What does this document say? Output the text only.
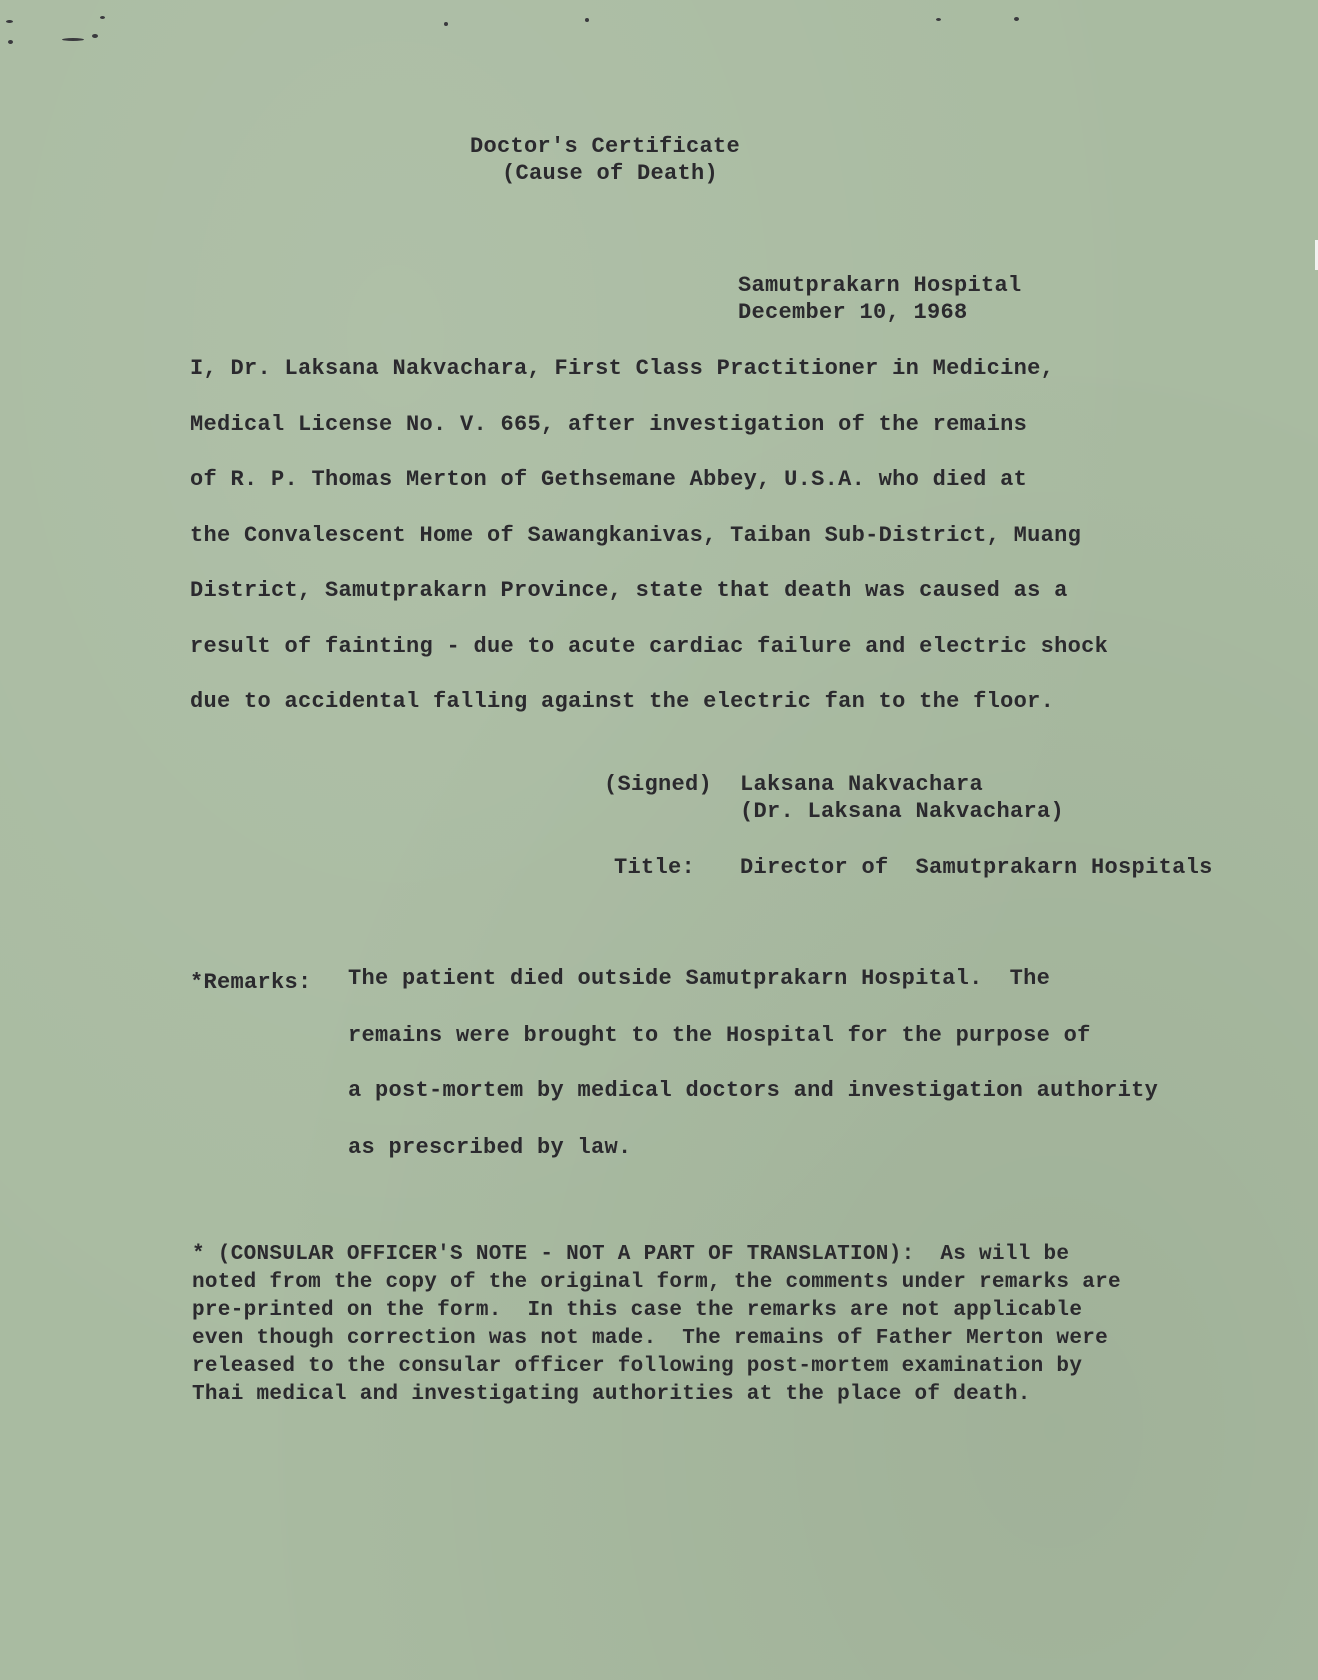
Doctor's Certificate
(Cause of Death)
Samutprakarn Hospital
December 10, 1968
I, Dr. Laksana Nakvachara, First Class Practitioner in Medicine,
Medical License No. V. 665, after investigation of the remains
of R. P. Thomas Merton of Gethsemane Abbey, U.S.A. who died at
the Convalescent Home of Sawangkanivas, Taiban Sub-District, Muang
District, Samutprakarn Province, state that death was caused as a
result of fainting - due to acute cardiac failure and electric shock
due to accidental falling against the electric fan to the floor.
(Signed) Laksana Nakvachara
(Dr. Laksana Nakvachara)
Title: Director of  Samutprakarn Hospitals
*Remarks: The patient died outside Samutprakarn Hospital.  The
remains were brought to the Hospital for the purpose of
a post-mortem by medical doctors and investigation authority
as prescribed by law.
* (CONSULAR OFFICER'S NOTE - NOT A PART OF TRANSLATION):  As will be
noted from the copy of the original form, the comments under remarks are
pre-printed on the form.  In this case the remarks are not applicable
even though correction was not made.  The remains of Father Merton were
released to the consular officer following post-mortem examination by
Thai medical and investigating authorities at the place of death.
